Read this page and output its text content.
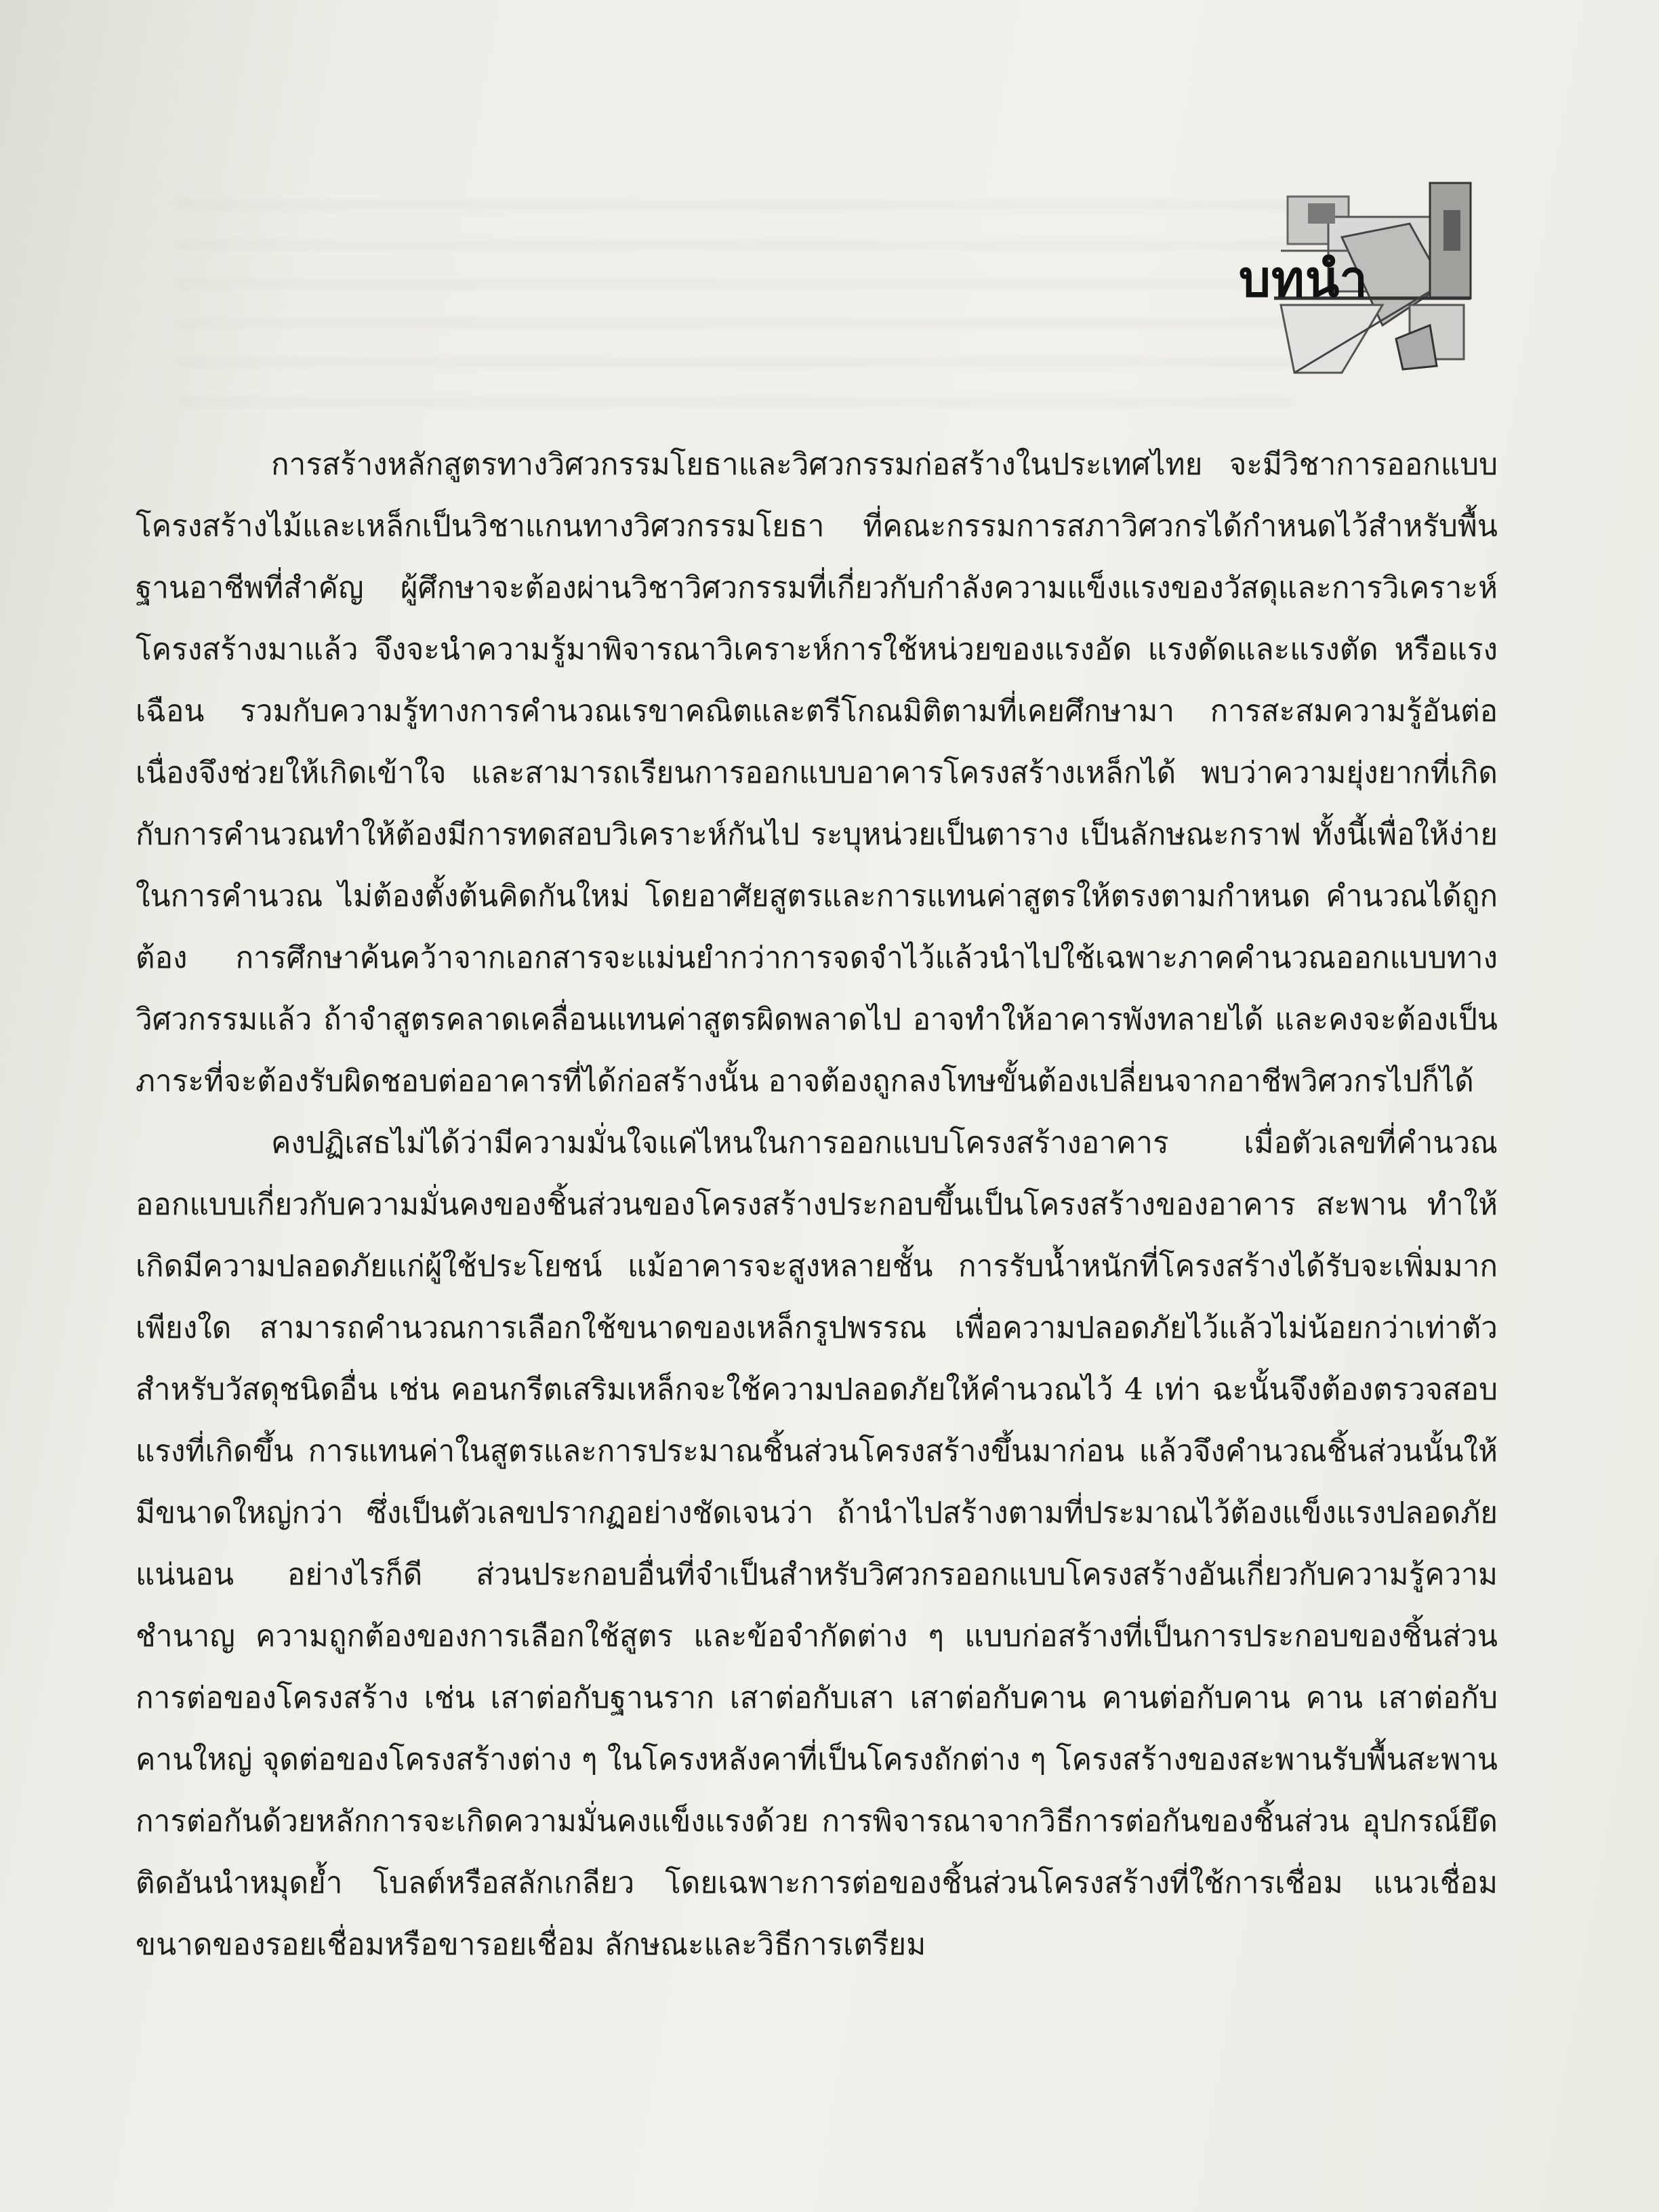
บทนำ

การสร้างหลักสูตรทางวิศวกรรมโยธาและวิศวกรรมก่อสร้างในประเทศไทย จะมีวิชาการออกแบบโครงสร้างไม้และเหล็กเป็นวิชาแกนทางวิศวกรรมโยธา ที่คณะกรรมการสภาวิศวกรได้กำหนดไว้สำหรับพื้นฐานอาชีพที่สำคัญ ผู้ศึกษาจะต้องผ่านวิชาวิศวกรรมที่เกี่ยวกับกำลังความแข็งแรงของวัสดุและการวิเคราะห์โครงสร้างมาแล้ว จึงจะนำความรู้มาพิจารณาวิเคราะห์การใช้หน่วยของแรงอัด แรงดัดและแรงตัด หรือแรงเฉือน รวมกับความรู้ทางการคำนวณเรขาคณิตและตรีโกณมิติตามที่เคยศึกษามา การสะสมความรู้อันต่อเนื่องจึงช่วยให้เกิดเข้าใจ และสามารถเรียนการออกแบบอาคารโครงสร้างเหล็กได้ พบว่าความยุ่งยากที่เกิดกับการคำนวณทำให้ต้องมีการทดสอบวิเคราะห์กันไป ระบุหน่วยเป็นตาราง เป็นลักษณะกราฟ ทั้งนี้เพื่อให้ง่ายในการคำนวณ ไม่ต้องตั้งต้นคิดกันใหม่ โดยอาศัยสูตรและการแทนค่าสูตรให้ตรงตามกำหนด คำนวณได้ถูกต้อง การศึกษาค้นคว้าจากเอกสารจะแม่นยำกว่าการจดจำไว้แล้วนำไปใช้เฉพาะภาคคำนวณออกแบบทางวิศวกรรมแล้ว ถ้าจำสูตรคลาดเคลื่อนแทนค่าสูตรผิดพลาดไป อาจทำให้อาคารพังทลายได้ และคงจะต้องเป็นภาระที่จะต้องรับผิดชอบต่ออาคารที่ได้ก่อสร้างนั้น อาจต้องถูกลงโทษขั้นต้องเปลี่ยนจากอาชีพวิศวกรไปก็ได้

คงปฏิเสธไม่ได้ว่ามีความมั่นใจแค่ไหนในการออกแบบโครงสร้างอาคาร เมื่อตัวเลขที่คำนวณออกแบบเกี่ยวกับความมั่นคงของชิ้นส่วนของโครงสร้างประกอบขึ้นเป็นโครงสร้างของอาคาร สะพาน ทำให้เกิดมีความปลอดภัยแก่ผู้ใช้ประโยชน์ แม้อาคารจะสูงหลายชั้น การรับน้ำหนักที่โครงสร้างได้รับจะเพิ่มมากเพียงใด สามารถคำนวณการเลือกใช้ขนาดของเหล็กรูปพรรณ เพื่อความปลอดภัยไว้แล้วไม่น้อยกว่าเท่าตัว สำหรับวัสดุชนิดอื่น เช่น คอนกรีตเสริมเหล็กจะใช้ความปลอดภัยให้คำนวณไว้ 4 เท่า ฉะนั้นจึงต้องตรวจสอบแรงที่เกิดขึ้น การแทนค่าในสูตรและการประมาณชิ้นส่วนโครงสร้างขึ้นมาก่อน แล้วจึงคำนวณชิ้นส่วนนั้นให้มีขนาดใหญ่กว่า ซึ่งเป็นตัวเลขปรากฏอย่างชัดเจนว่า ถ้านำไปสร้างตามที่ประมาณไว้ต้องแข็งแรงปลอดภัยแน่นอน อย่างไรก็ดี ส่วนประกอบอื่นที่จำเป็นสำหรับวิศวกรออกแบบโครงสร้างอันเกี่ยวกับความรู้ความชำนาญ ความถูกต้องของการเลือกใช้สูตร และข้อจำกัดต่าง ๆ แบบก่อสร้างที่เป็นการประกอบของชิ้นส่วน การต่อของโครงสร้าง เช่น เสาต่อกับฐานราก เสาต่อกับเสา เสาต่อกับคาน คานต่อกับคาน คาน เสาต่อกับคานใหญ่ จุดต่อของโครงสร้างต่าง ๆ ในโครงหลังคาที่เป็นโครงถักต่าง ๆ โครงสร้างของสะพานรับพื้นสะพาน การต่อกันด้วยหลักการจะเกิดความมั่นคงแข็งแรงด้วย การพิจารณาจากวิธีการต่อกันของชิ้นส่วน อุปกรณ์ยึดติดอันนำหมุดย้ำ โบลต์หรือสลักเกลียว โดยเฉพาะการต่อของชิ้นส่วนโครงสร้างที่ใช้การเชื่อม แนวเชื่อม ขนาดของรอยเชื่อมหรือขารอยเชื่อม ลักษณะและวิธีการเตรียม
